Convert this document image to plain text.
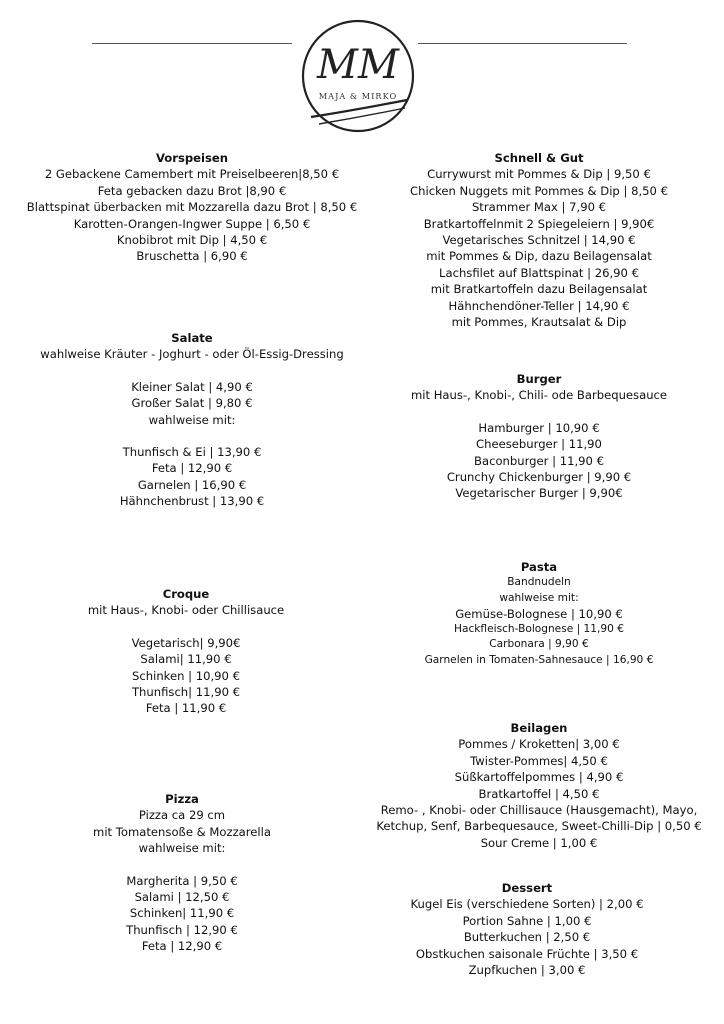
MM
MAJA & MIRKO
Vorspeisen
2 Gebackene Camembert mit Preiselbeeren|8,50 €
Feta gebacken dazu Brot |8,90 €
Blattspinat überbacken mit Mozzarella dazu Brot | 8,50 €
Karotten-Orangen-Ingwer Suppe | 6,50 €
Knobibrot mit Dip | 4,50 €
Bruschetta | 6,90 €
Schnell & Gut
Currywurst mit Pommes & Dip | 9,50 €
Chicken Nuggets mit Pommes & Dip | 8,50 €
Strammer Max | 7,90 €
Bratkartoffelnmit 2 Spiegeleiern | 9,90€
Vegetarisches Schnitzel | 14,90 €
mit Pommes & Dip, dazu Beilagensalat
Lachsfilet auf Blattspinat | 26,90 €
mit Bratkartoffeln dazu Beilagensalat
Hähnchendöner-Teller | 14,90 €
mit Pommes, Krautsalat & Dip
Salate
wahlweise Kräuter - Joghurt - oder Öl-Essig-Dressing
Kleiner Salat | 4,90 €
Großer Salat | 9,80 €
wahlweise mit:
Thunfisch & Ei | 13,90 €
Feta | 12,90 €
Garnelen | 16,90 €
Hähnchenbrust | 13,90 €
Burger
mit Haus-, Knobi-, Chili- ode Barbequesauce
Hamburger | 10,90 €
Cheeseburger | 11,90
Baconburger | 11,90 €
Crunchy Chickenburger | 9,90 €
Vegetarischer Burger | 9,90€
Croque
mit Haus-, Knobi- oder Chillisauce
Vegetarisch| 9,90€
Salami| 11,90 €
Schinken | 10,90 €
Thunfisch| 11,90 €
Feta | 11,90 €
Pasta
Bandnudeln
wahlweise mit:
Gemüse-Bolognese | 10,90 €
Hackfleisch-Bolognese | 11,90 €
Carbonara | 9,90 €
Garnelen in Tomaten-Sahnesauce | 16,90 €
Beilagen
Pommes / Kroketten| 3,00 €
Twister-Pommes| 4,50 €
Süßkartoffelpommes | 4,90 €
Bratkartoffel | 4,50 €
Remo- , Knobi- oder Chillisauce (Hausgemacht), Mayo,
Ketchup, Senf, Barbequesauce, Sweet-Chilli-Dip | 0,50 €
Sour Creme | 1,00 €
Pizza
Pizza ca 29 cm
mit Tomatensoße & Mozzarella
wahlweise mit:
Margherita | 9,50 €
Salami | 12,50 €
Schinken| 11,90 €
Thunfisch | 12,90 €
Feta | 12,90 €
Dessert
Kugel Eis (verschiedene Sorten) | 2,00 €
Portion Sahne | 1,00 €
Butterkuchen | 2,50 €
Obstkuchen saisonale Früchte | 3,50 €
Zupfkuchen | 3,00 €
